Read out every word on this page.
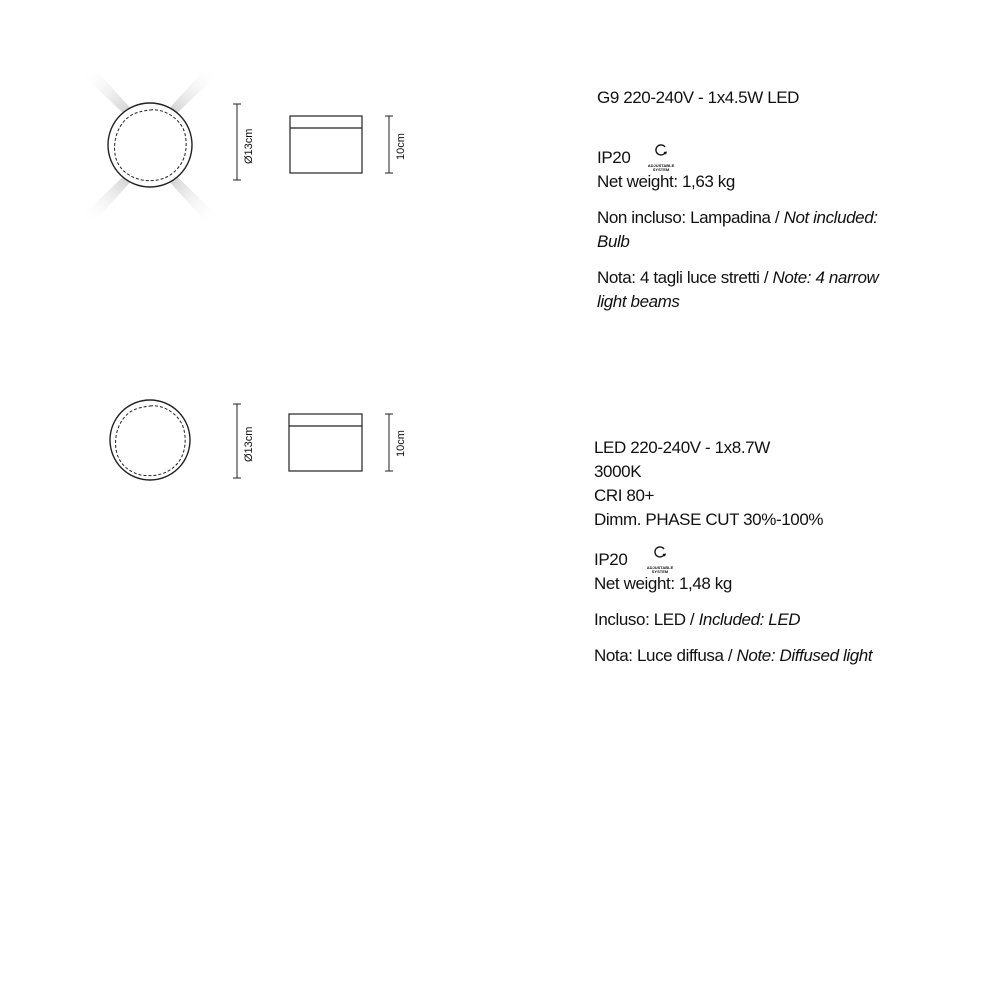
Ø13cm	10cm

G9 220-240V - 1x4.5W LED

IP20	ADJUSTABLE SYSTEM

Net weight: 1,63 kg

Non incluso: Lampadina / Not included: Bulb

Nota: 4 tagli luce stretti / Note: 4 narrow light beams

Ø13cm	10cm	LED 220-240V - 1x8.7W

3000K

CRI 80+

Dimm. PHASE CUT 30%-100%

IP20	ADJUSTABLE SYSTEM

Net weight: 1,48 kg

Incluso: LED / Included: LED

Nota: Luce diffusa / Note: Diffused light
